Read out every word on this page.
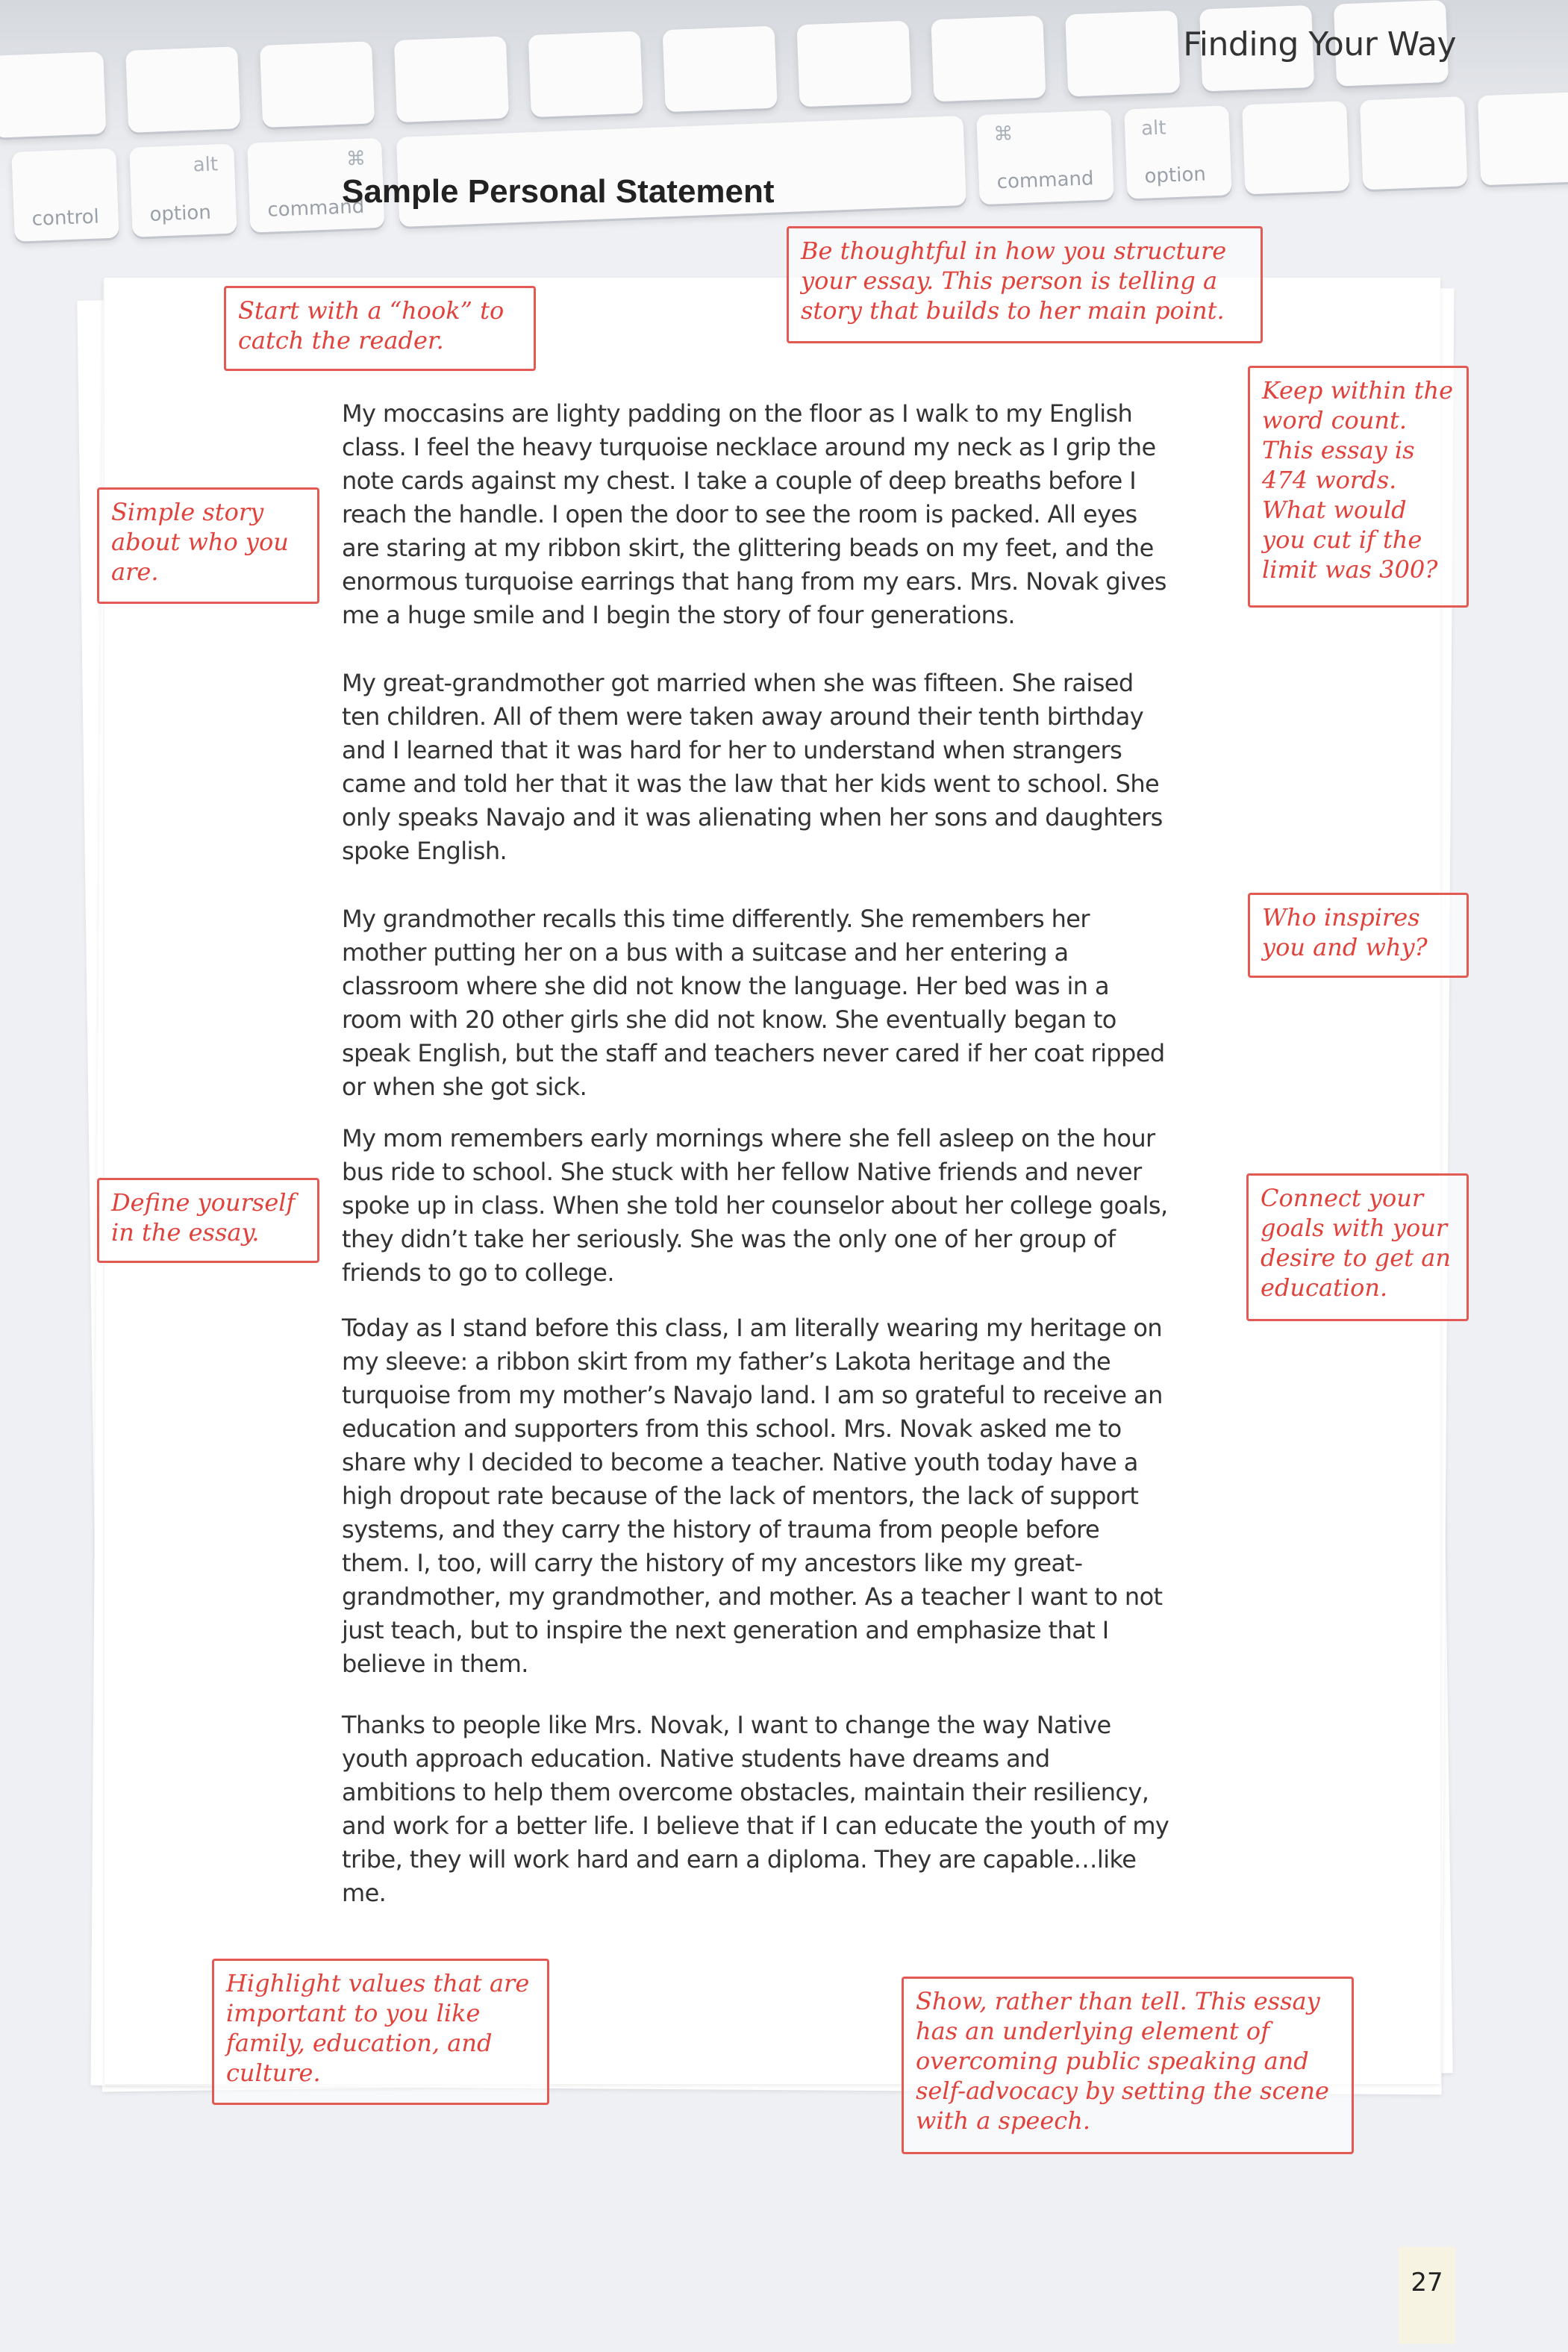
control
alt
option
⌘
command
⌘
command
alt
option
Finding Your Way
Sample Personal Statement
My moccasins are lighty padding on the floor as I walk to my English class. I feel the heavy turquoise necklace around my neck as I grip the note cards against my chest. I take a couple of deep breaths before I reach the handle. I open the door to see the room is packed. All eyes are staring at my ribbon skirt, the glittering beads on my feet, and the enormous turquoise earrings that hang from my ears. Mrs. Novak gives me a huge smile and I begin the story of four generations.
My great-grandmother got married when she was fifteen. She raised ten children. All of them were taken away around their tenth birthday and I learned that it was hard for her to understand when strangers came and told her that it was the law that her kids went to school. She only speaks Navajo and it was alienating when her sons and daughters spoke English.
My grandmother recalls this time differently. She remembers her mother putting her on a bus with a suitcase and her entering a classroom where she did not know the language. Her bed was in a room with 20 other girls she did not know. She eventually began to speak English, but the staff and teachers never cared if her coat ripped or when she got sick.
My mom remembers early mornings where she fell asleep on the hour bus ride to school. She stuck with her fellow Native friends and never spoke up in class. When she told her counselor about her college goals, they didn’t take her seriously. She was the only one of her group of friends to go to college.
Today as I stand before this class, I am literally wearing my heritage on my sleeve: a ribbon skirt from my father’s Lakota heritage and the turquoise from my mother’s Navajo land. I am so grateful to receive an education and supporters from this school. Mrs. Novak asked me to share why I decided to become a teacher. Native youth today have a high dropout rate because of the lack of mentors, the lack of support systems, and they carry the history of trauma from people before them. I, too, will carry the history of my ancestors like my great-grandmother, my grandmother, and mother. As a teacher I want to not just teach, but to inspire the next generation and emphasize that I believe in them.
Thanks to people like Mrs. Novak, I want to change the way Native youth approach education. Native students have dreams and ambitions to help them overcome obstacles, maintain their resiliency, and work for a better life. I believe that if I can educate the youth of my tribe, they will work hard and earn a diploma. They are capable…like me.
Be thoughtful in how you structure your essay. This person is telling a story that builds to her main point.
Start with a “hook” to catch the reader.
Keep within the word count. This essay is 474 words. What would you cut if the limit was 300?
Simple story about who you are.
Who inspires you and why?
Define yourself in the essay.
Connect your goals with your desire to get an education.
Highlight values that are important to you like family, education, and culture.
Show, rather than tell. This essay has an underlying element of overcoming public speaking and self-advocacy by setting the scene with a speech.
27
